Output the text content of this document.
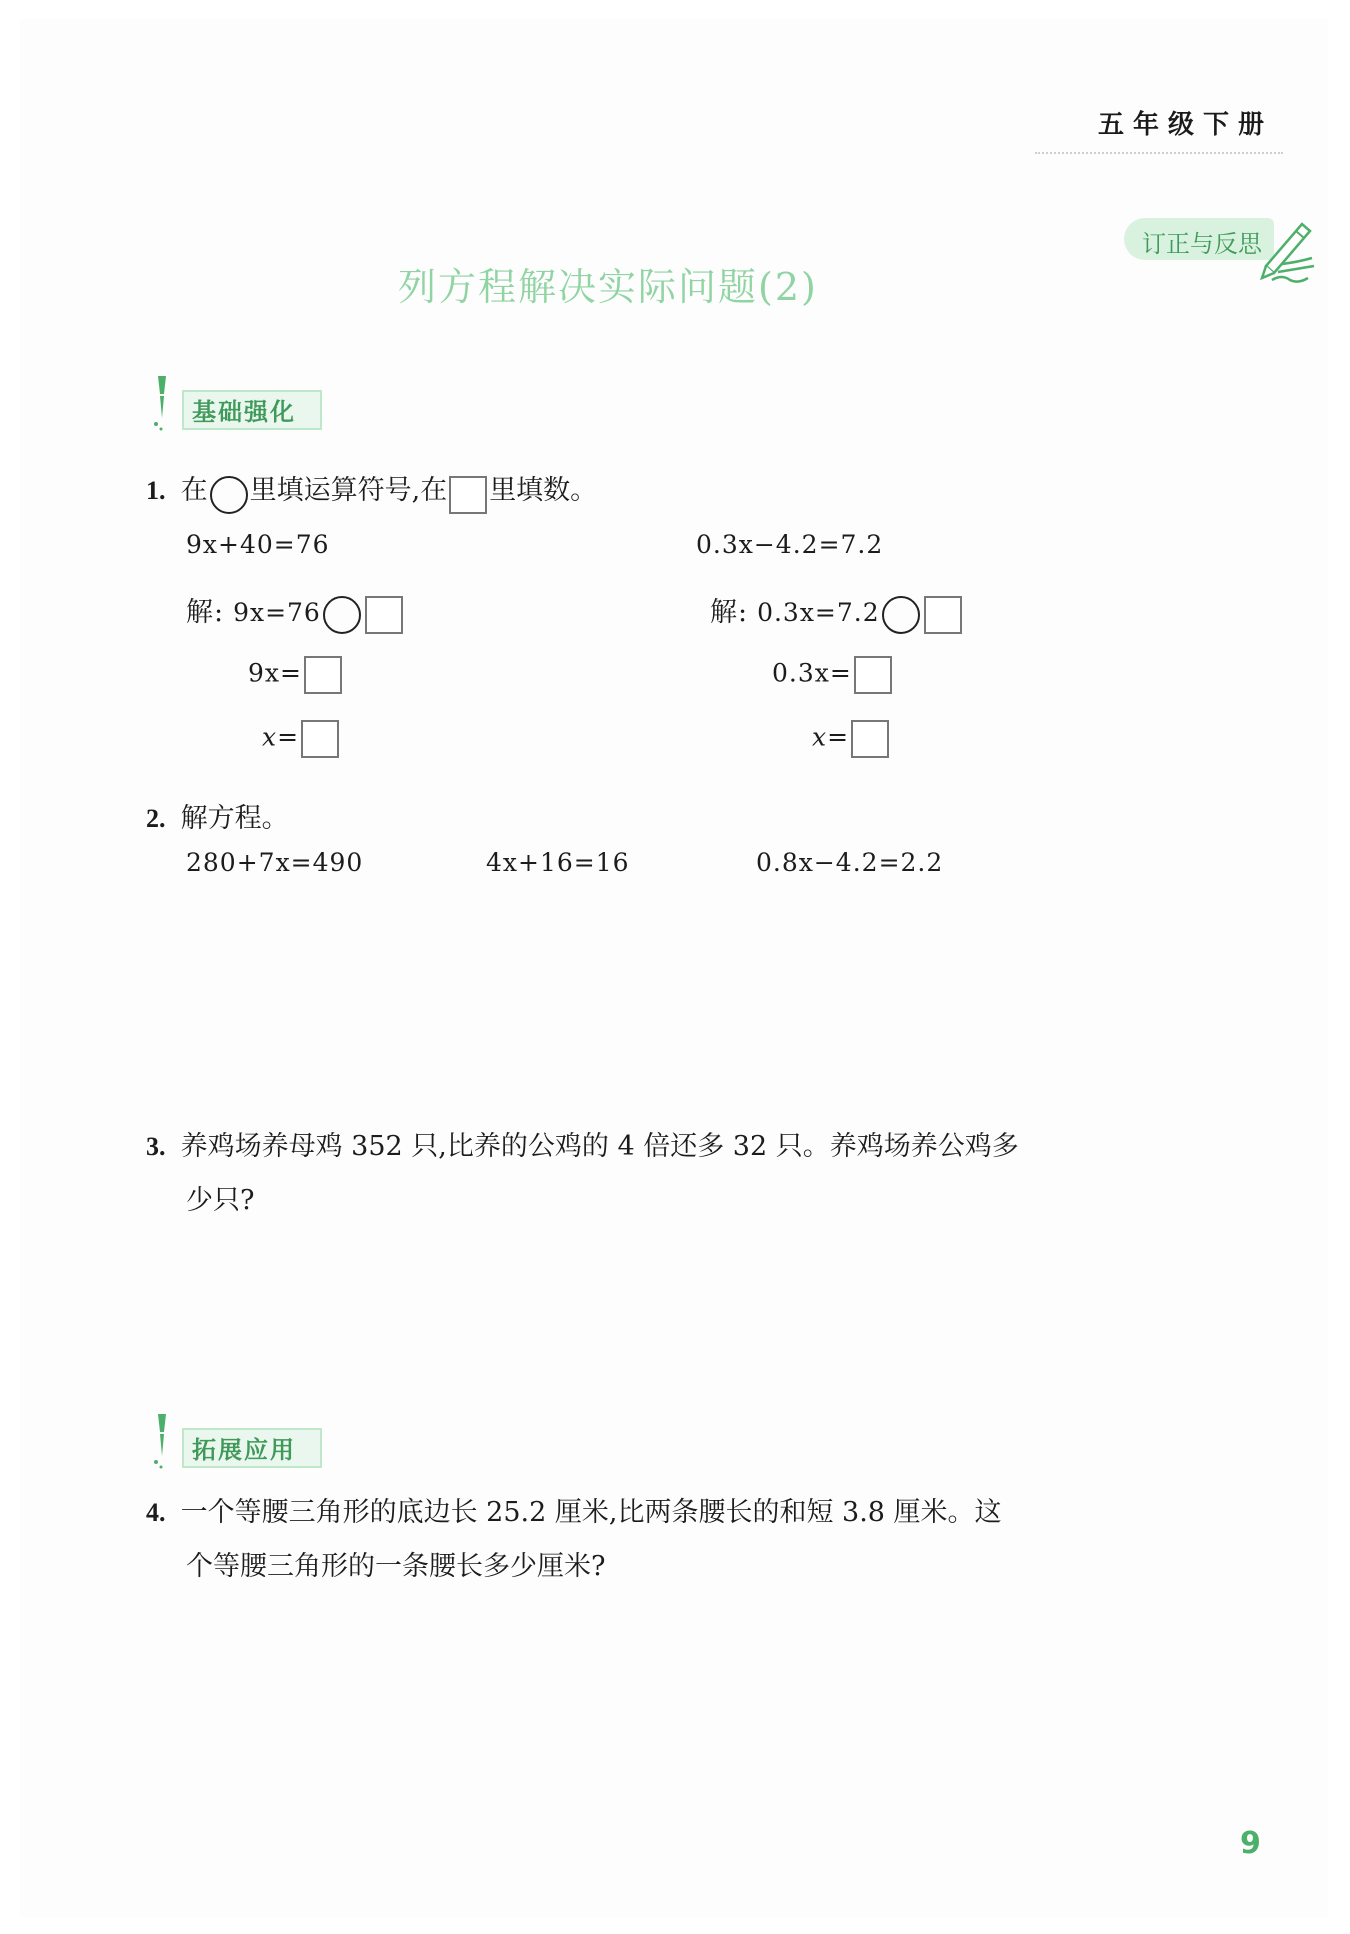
五年级下册
订正与反思
列方程解决实际问题(2)
基础强化
1. 在 里填运算符号,在 里填数。
9x+40=76
解: 9x=76
9x=
x=
0.3x−4.2=7.2
解: 0.3x=7.2
0.3x=
x=
2. 解方程。
280+7x=490	4x+16=16	0.8x−4.2=2.2
3. 养鸡场养母鸡 352 只,比养的公鸡的 4 倍还多 32 只。养鸡场养公鸡多
少只?
拓展应用
4. 一个等腰三角形的底边长 25.2 厘米,比两条腰长的和短 3.8 厘米。这
个等腰三角形的一条腰长多少厘米?
9
